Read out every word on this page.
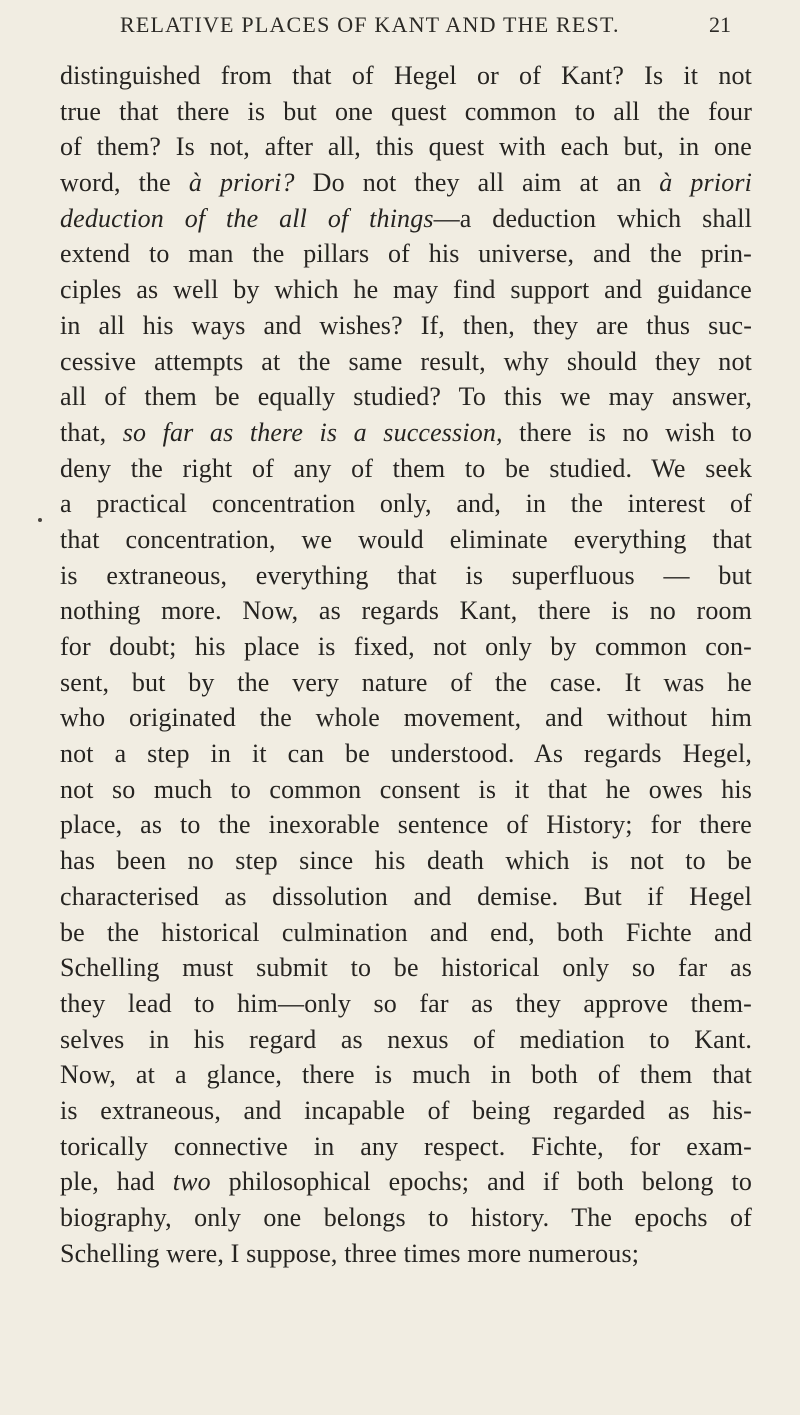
RELATIVE PLACES OF KANT AND THE REST.	21
distinguished from that of Hegel or of Kant? Is it not
true that there is but one quest common to all the four
of them? Is not, after all, this quest with each but, in one
word, the à priori? Do not they all aim at an à priori
deduction of the all of things—a deduction which shall
extend to man the pillars of his universe, and the prin-
ciples as well by which he may find support and guidance
in all his ways and wishes? If, then, they are thus suc-
cessive attempts at the same result, why should they not
all of them be equally studied? To this we may answer,
that, so far as there is a succession, there is no wish to
deny the right of any of them to be studied. We seek
a practical concentration only, and, in the interest of
that concentration, we would eliminate everything that
is extraneous, everything that is superfluous — but
nothing more. Now, as regards Kant, there is no room
for doubt; his place is fixed, not only by common con-
sent, but by the very nature of the case. It was he
who originated the whole movement, and without him
not a step in it can be understood. As regards Hegel,
not so much to common consent is it that he owes his
place, as to the inexorable sentence of History; for there
has been no step since his death which is not to be
characterised as dissolution and demise. But if Hegel
be the historical culmination and end, both Fichte and
Schelling must submit to be historical only so far as
they lead to him—only so far as they approve them-
selves in his regard as nexus of mediation to Kant.
Now, at a glance, there is much in both of them that
is extraneous, and incapable of being regarded as his-
torically connective in any respect. Fichte, for exam-
ple, had two philosophical epochs; and if both belong to
biography, only one belongs to history. The epochs of
Schelling were, I suppose, three times more numerous;
